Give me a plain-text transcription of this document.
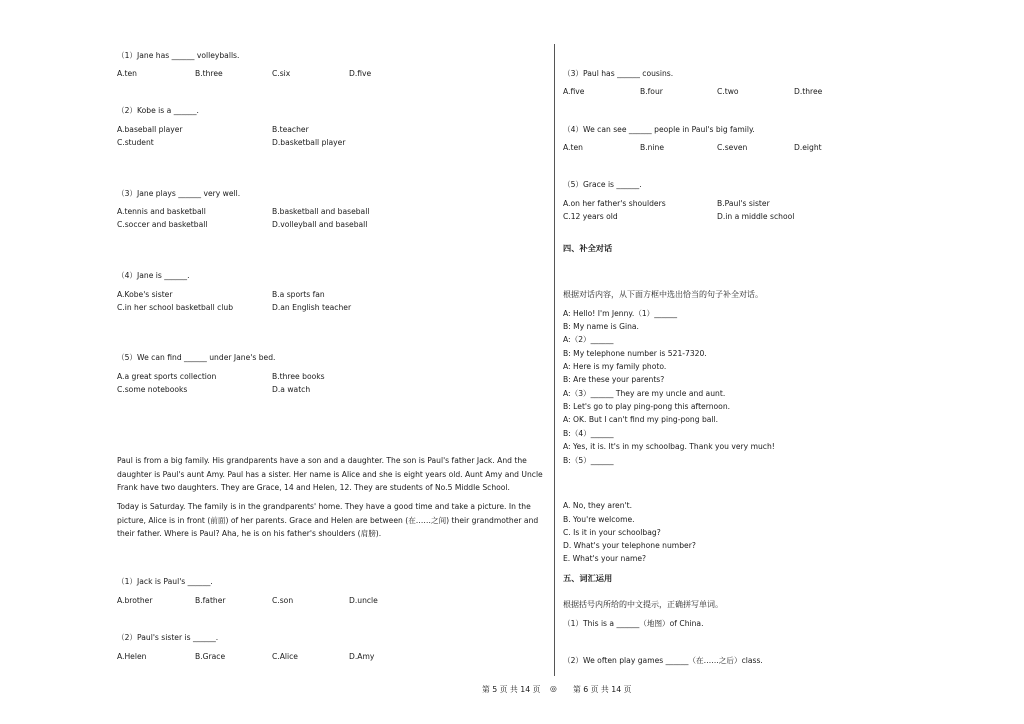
（1）Jane has ______ volleyballs.
A.ten	B.three	C.six	D.five
（2）Kobe is a ______.
A.baseball player	B.teacher
C.student	D.basketball player
（3）Jane plays ______ very well.
A.tennis and basketball	B.basketball and baseball
C.soccer and basketball	D.volleyball and baseball
（4）Jane is ______.
A.Kobe's sister	B.a sports fan
C.in her school basketball club	D.an English teacher
（5）We can find ______ under Jane's bed.
A.a great sports collection	B.three books
C.some notebooks	D.a watch
Paul is from a big family. His grandparents have a son and a daughter. The son is Paul's father Jack. And the daughter is Paul's aunt Amy. Paul has a sister. Her name is Alice and she is eight years old. Aunt Amy and Uncle Frank have two daughters. They are Grace, 14 and Helen, 12. They are students of No.5 Middle School.
Today is Saturday. The family is in the grandparents' home. They have a good time and take a picture. In the picture, Alice is in front (前面) of her parents. Grace and Helen are between (在……之间) their grandmother and their father. Where is Paul? Aha, he is on his father's shoulders (肩膀).
（1）Jack is Paul's ______.
A.brother	B.father	C.son	D.uncle
（2）Paul's sister is ______.
A.Helen	B.Grace	C.Alice	D.Amy
（3）Paul has ______ cousins.
A.five	B.four	C.two	D.three
（4）We can see ______ people in Paul's big family.
A.ten	B.nine	C.seven	D.eight
（5）Grace is ______.
A.on her father's shoulders	B.Paul's sister
C.12 years old	D.in a middle school
四、补全对话
根据对话内容，从下面方框中选出恰当的句子补全对话。
A: Hello! I'm Jenny.（1）______
B: My name is Gina.
A:（2）______
B: My telephone number is 521-7320.
A: Here is my family photo.
B: Are these your parents?
A:（3）______ They are my uncle and aunt.
B: Let's go to play ping-pong this afternoon.
A: OK. But I can't find my ping-pong ball.
B:（4）______
A: Yes, it is. It's in my schoolbag. Thank you very much!
B:（5）______
A. No, they aren't.
B. You're welcome.
C. Is it in your schoolbag?
D. What's your telephone number?
E. What's your name?
五、词汇运用
根据括号内所给的中文提示，正确拼写单词。
（1）This is a ______（地图）of China.
（2）We often play games ______（在……之后）class.
第 5 页 共 14 页 ◎ 第 6 页 共 14 页
